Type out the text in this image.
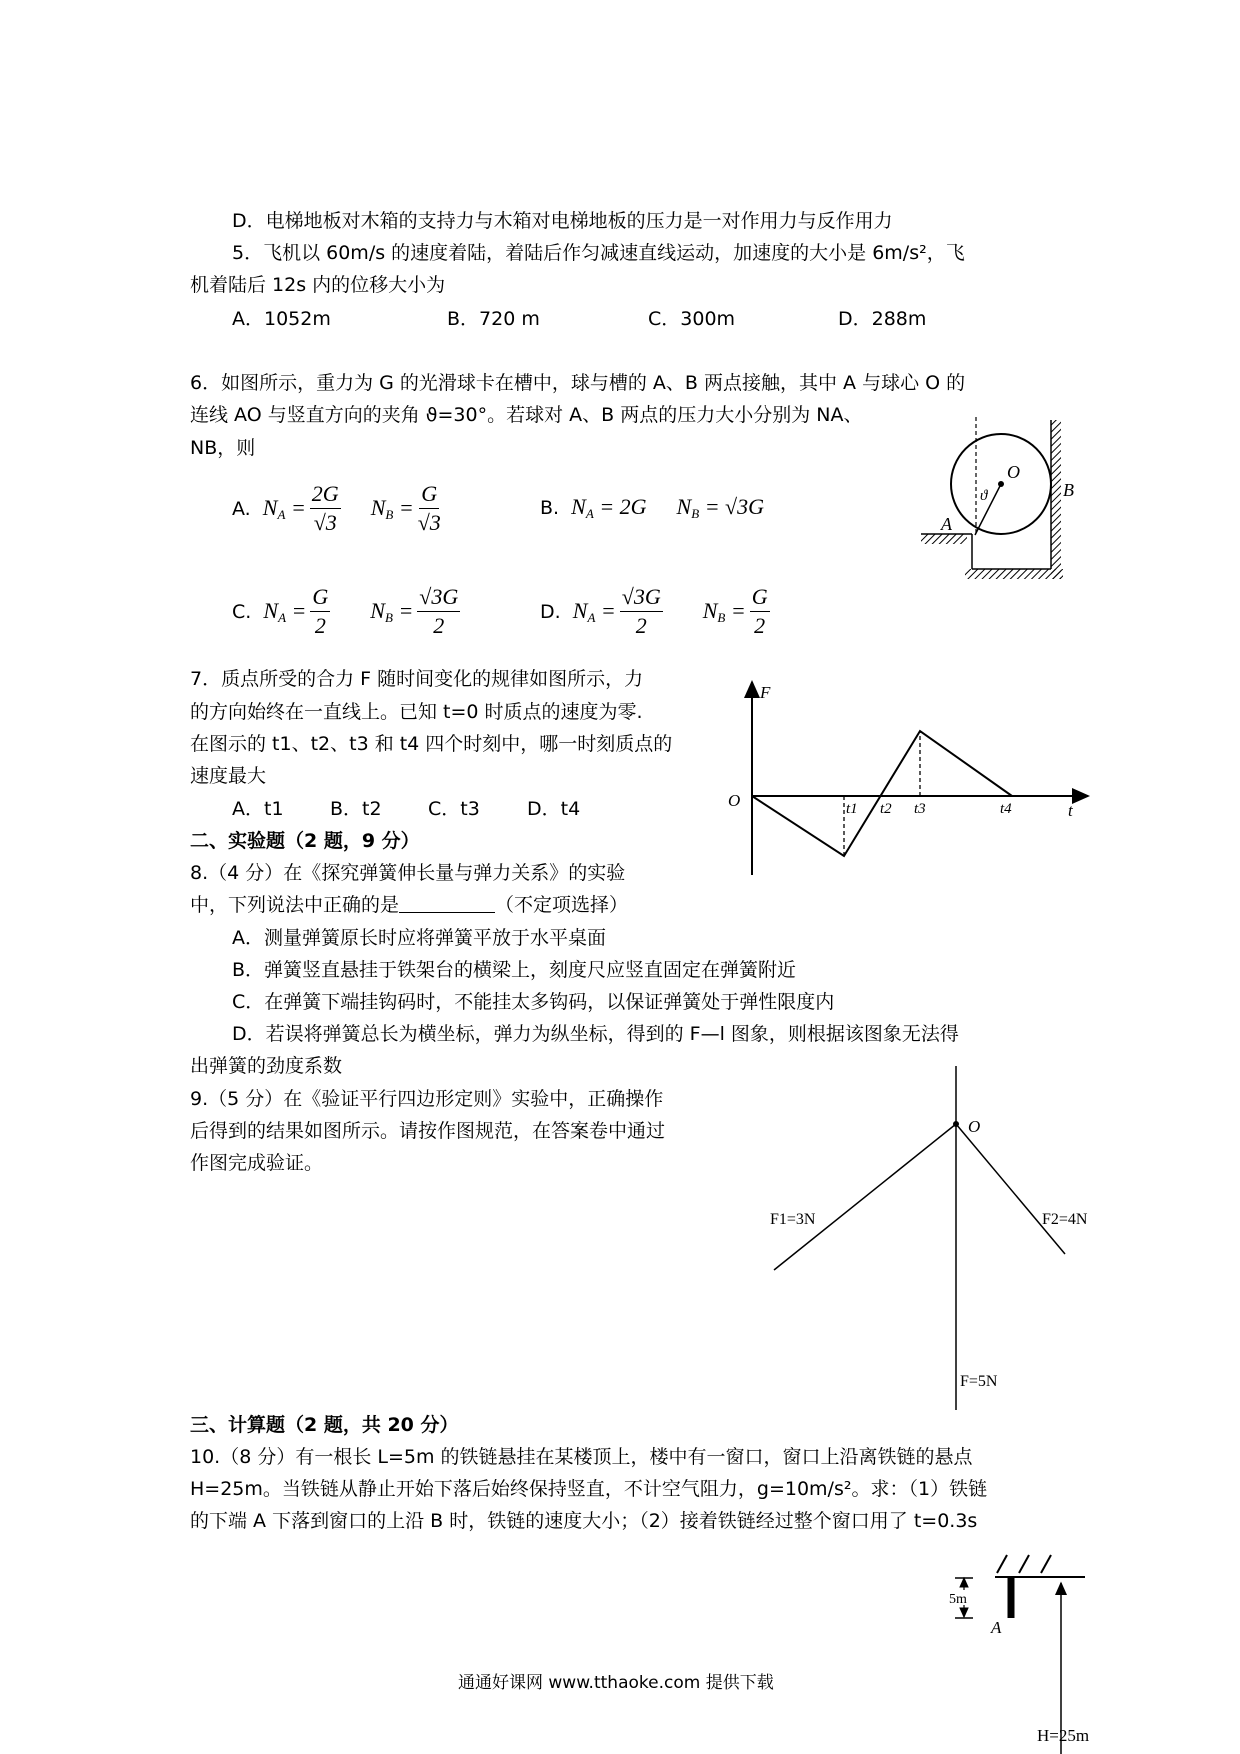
D．电梯地板对木箱的支持力与木箱对电梯地板的压力是一对作用力与反作用力
5．飞机以 60m/s 的速度着陆，着陆后作匀减速直线运动，加速度的大小是 6m/s²，飞
机着陆后 12s 内的位移大小为
A．1052m	B．720 m	C．300m	D．288m
6．如图所示，重力为 G 的光滑球卡在槽中，球与槽的 A、B 两点接触，其中 A 与球心 O 的
连线 AO 与竖直方向的夹角 ϑ=30°。若球对 A、B 两点的压力大小分别为 NA、
NB，则
A.
$N_A = \frac{2G}{√3} N_B = \frac{G}{√3}$	B.
$N_A = 2G$ $N_B = √3G$
C.
$N_A = \frac{G}{2} N_B = \frac{√3G}{2}$	D.
$N_A = \frac{√3G}{2} N_B = \frac{G}{2}$
O
B
A
ϑ
7．质点所受的合力 F 随时间变化的规律如图所示，力
的方向始终在一直线上。已知 t=0 时质点的速度为零.
在图示的 t1、t2、t3 和 t4 四个时刻中，哪一时刻质点的
速度最大
A．t1 B．t2 C．t3 D．t4
F
t
O	t1 t2 t3	t4
二、实验题（2 题，9 分）
8.（4 分）在《探究弹簧伸长量与弹力关系》的实验
中，下列说法中正确的是	（不定项选择）
A．测量弹簧原长时应将弹簧平放于水平桌面
B．弹簧竖直悬挂于铁架台的横梁上，刻度尺应竖直固定在弹簧附近
C．在弹簧下端挂钩码时，不能挂太多钩码，以保证弹簧处于弹性限度内
D．若误将弹簧总长为横坐标，弹力为纵坐标，得到的 F—l 图象，则根据该图象无法得
出弹簧的劲度系数
9.（5 分）在《验证平行四边形定则》实验中，正确操作
后得到的结果如图所示。请按作图规范，在答案卷中通过
作图完成验证。
O
F1=3N	F2=4N
F=5N
三、计算题（2 题，共 20 分）
10.（8 分）有一根长 L=5m 的铁链悬挂在某楼顶上，楼中有一窗口，窗口上沿离铁链的悬点
H=25m。当铁链从静止开始下落后始终保持竖直，不计空气阻力，g=10m/s²。求：（1）铁链
的下端 A 下落到窗口的上沿 B 时，铁链的速度大小；（2）接着铁链经过整个窗口用了 t=0.3s
5m
A
H=25m
通通好课网 www.tthaoke.com 提供下载
